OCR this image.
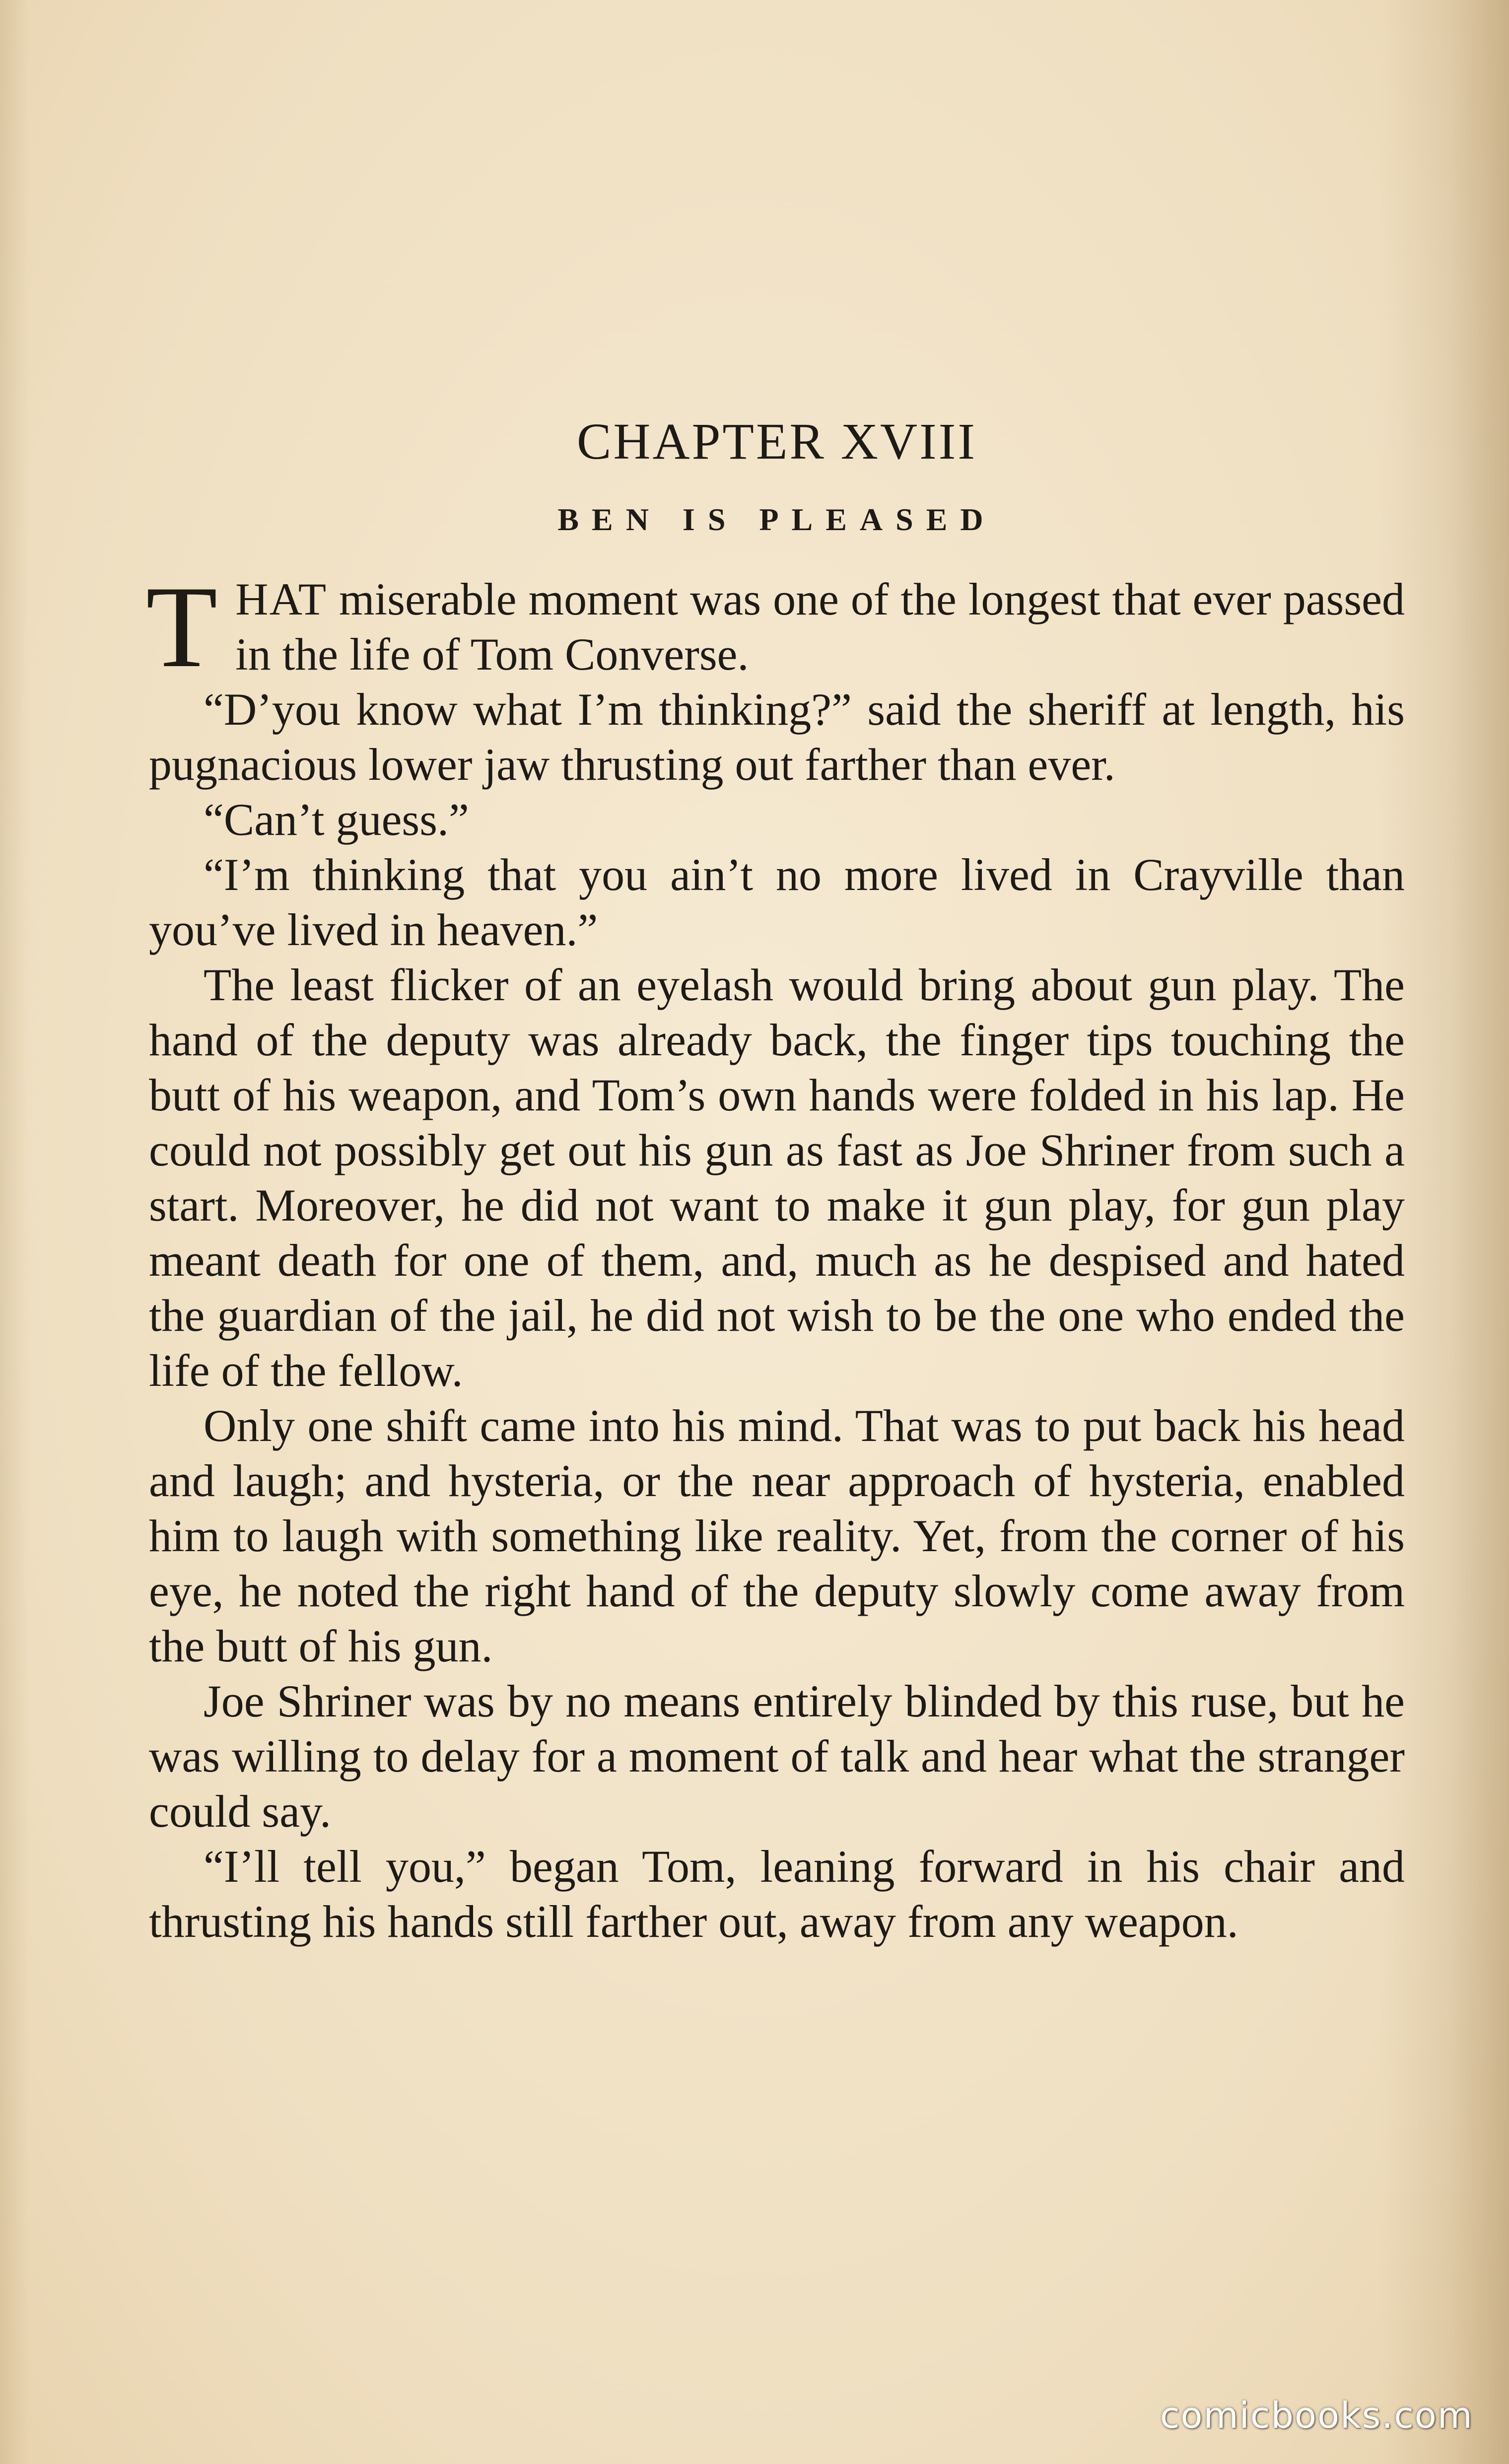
CHAPTER XVIII
BEN IS PLEASED

THAT miserable moment was one of the longest that ever passed in the life of Tom Converse.

“D’you know what I’m thinking?” said the sheriff at length, his pugnacious lower jaw thrusting out farther than ever.

“Can’t guess.”

“I’m thinking that you ain’t no more lived in Crayville than you’ve lived in heaven.”

The least flicker of an eyelash would bring about gun play. The hand of the deputy was already back, the finger tips touching the butt of his weapon, and Tom’s own hands were folded in his lap. He could not possibly get out his gun as fast as Joe Shriner from such a start. Moreover, he did not want to make it gun play, for gun play meant death for one of them, and, much as he despised and hated the guardian of the jail, he did not wish to be the one who ended the life of the fellow.

Only one shift came into his mind. That was to put back his head and laugh; and hysteria, or the near approach of hysteria, enabled him to laugh with something like reality. Yet, from the corner of his eye, he noted the right hand of the deputy slowly come away from the butt of his gun.

Joe Shriner was by no means entirely blinded by this ruse, but he was willing to delay for a moment of talk and hear what the stranger could say.

“I’ll tell you,” began Tom, leaning forward in his chair and thrusting his hands still farther out, away from any weapon.

comicbooks.com
